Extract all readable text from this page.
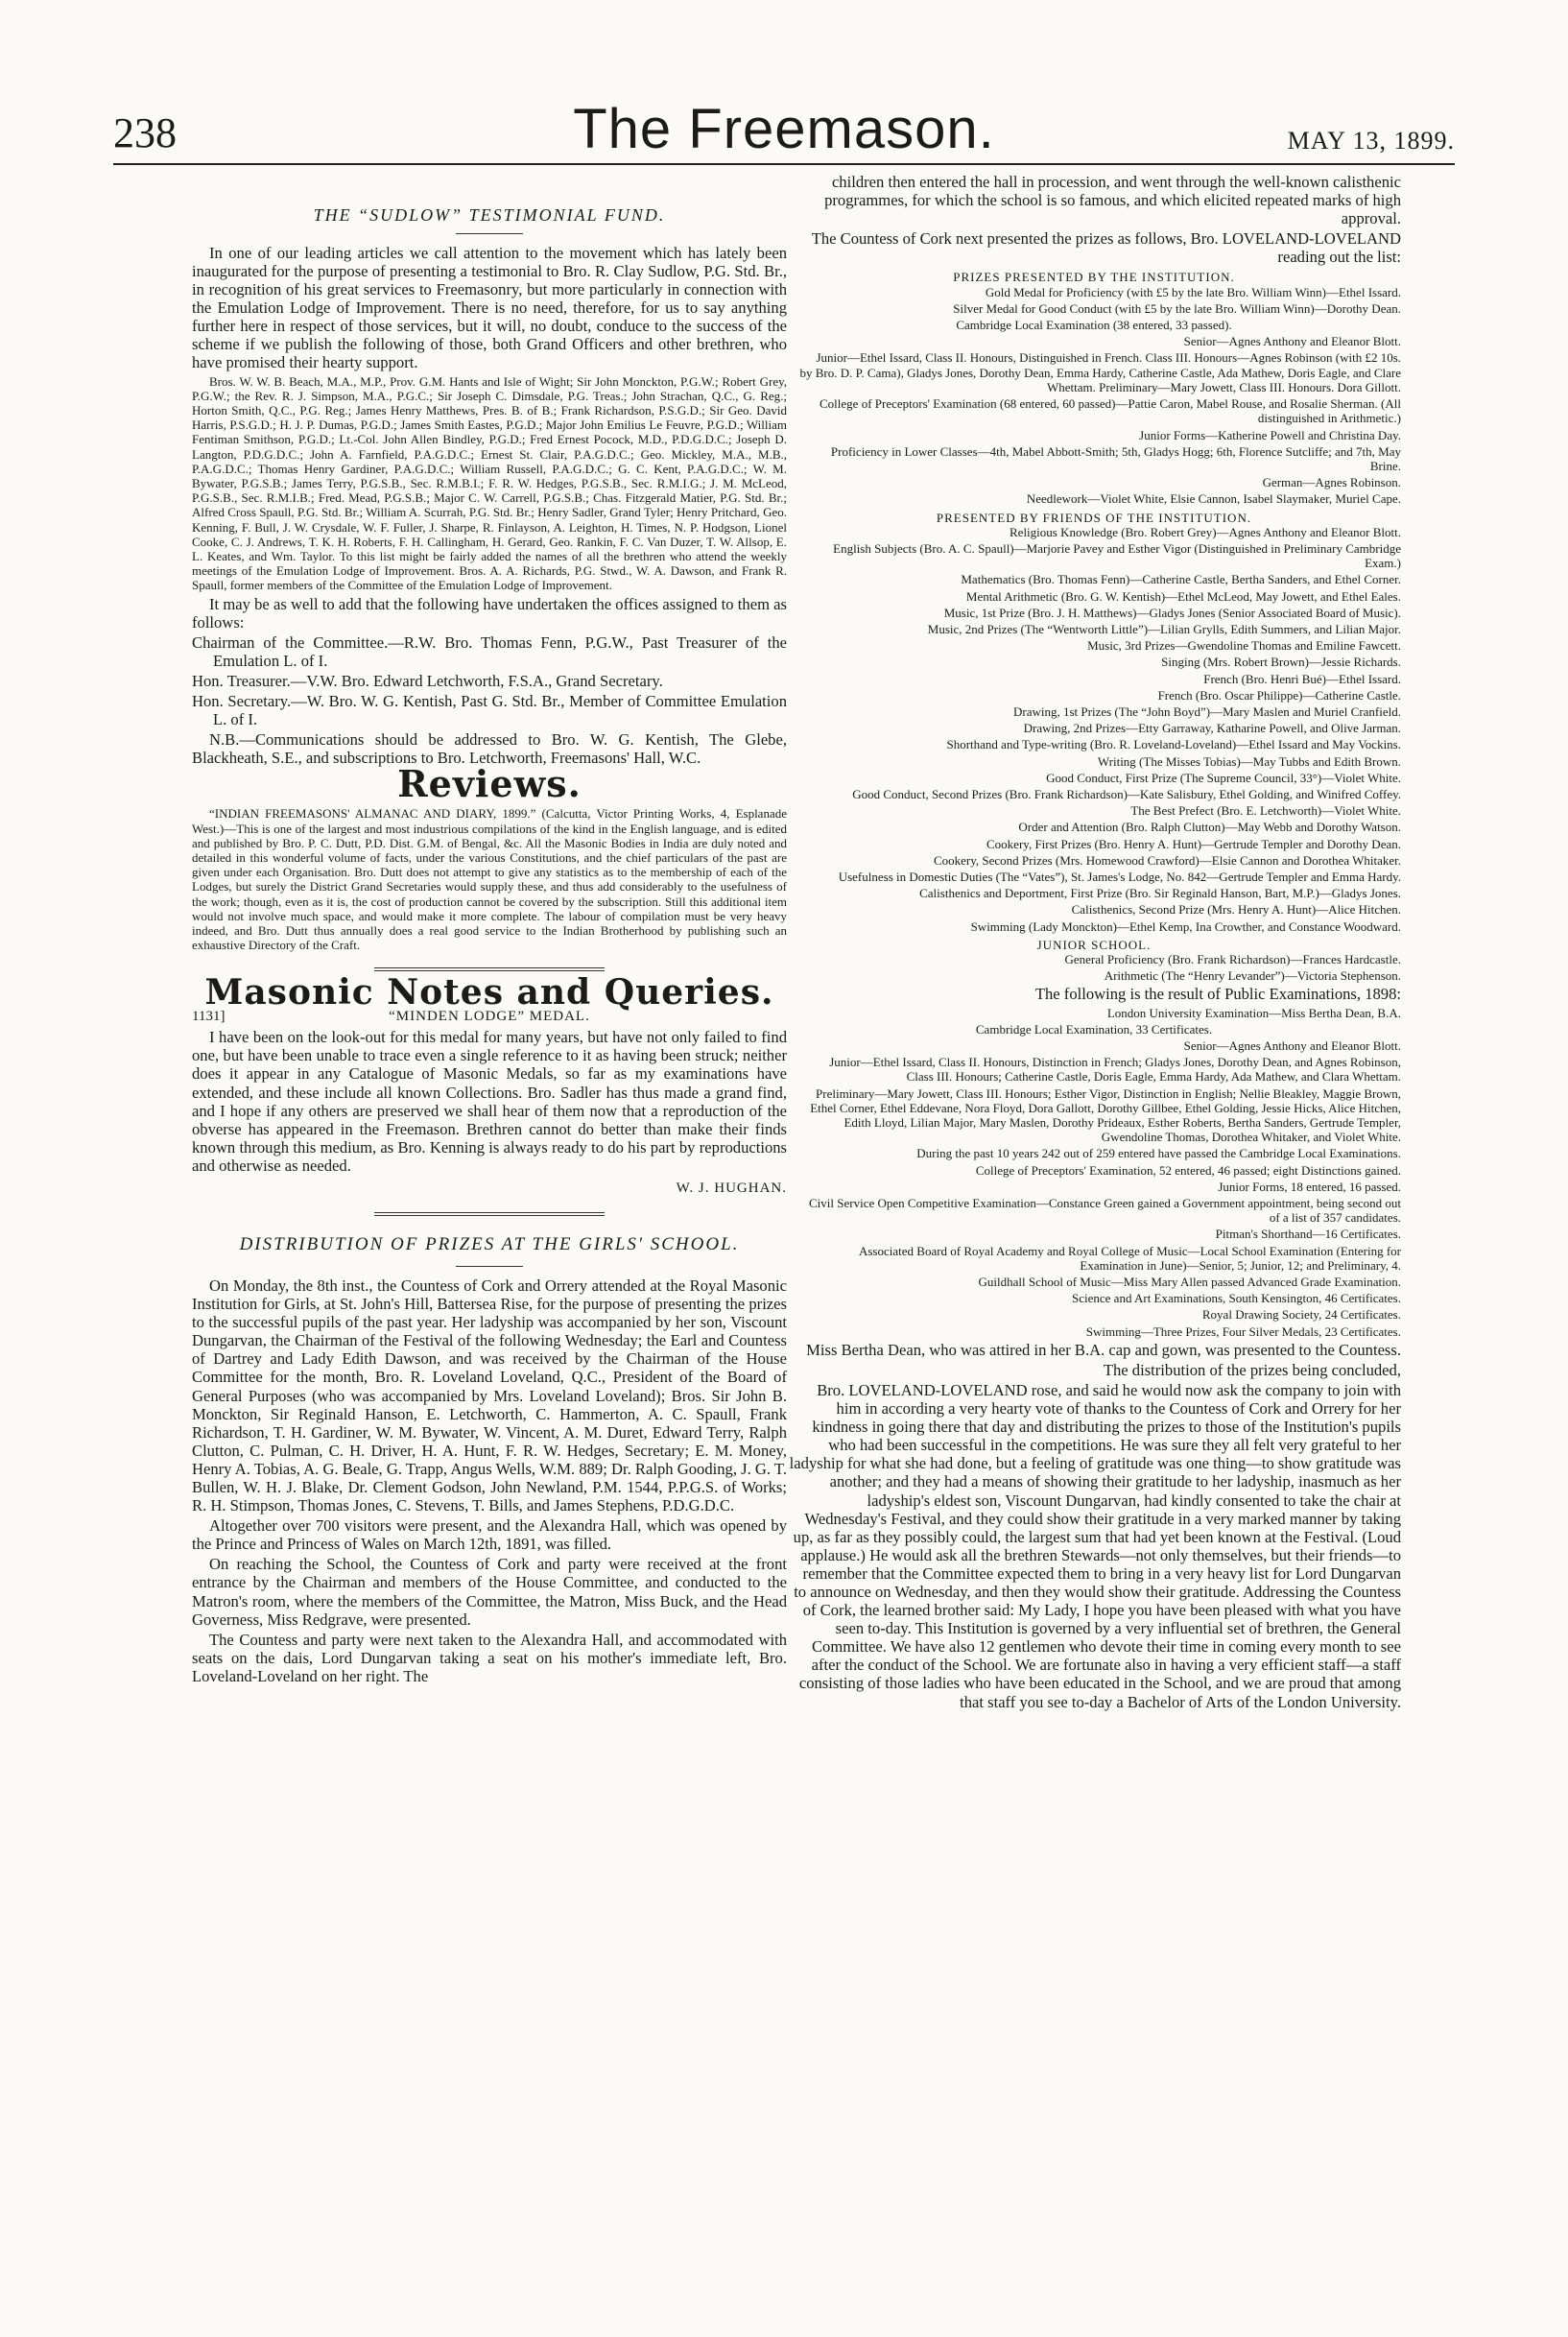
238	The Freemason.	MAY 13, 1899.
THE “SUDLOW” TESTIMONIAL FUND.

In one of our leading articles we call attention to the movement which has lately been inaugurated for the purpose of presenting a testimonial to Bro. R. Clay Sudlow, P.G. Std. Br., in recognition of his great services to Freemasonry, but more particularly in connection with the Emulation Lodge of Improvement. There is no need, therefore, for us to say anything further here in respect of those services, but it will, no doubt, conduce to the success of the scheme if we publish the following of those, both Grand Officers and other brethren, who have promised their hearty support.

Bros. W. W. B. Beach, M.A., M.P., Prov. G.M. Hants and Isle of Wight; Sir John Monckton, P.G.W.; Robert Grey, P.G.W.; the Rev. R. J. Simpson, M.A., P.G.C.; Sir Joseph C. Dimsdale, P.G. Treas.; John Strachan, Q.C., G. Reg.; Horton Smith, Q.C., P.G. Reg.; James Henry Matthews, Pres. B. of B.; Frank Richardson, P.S.G.D.; Sir Geo. David Harris, P.S.G.D.; H. J. P. Dumas, P.G.D.; James Smith Eastes, P.G.D.; Major John Emilius Le Feuvre, P.G.D.; William Fentiman Smithson, P.G.D.; Lt.-Col. John Allen Bindley, P.G.D.; Fred Ernest Pocock, M.D., P.D.G.D.C.; Joseph D. Langton, P.D.G.D.C.; John A. Farnfield, P.A.G.D.C.; Ernest St. Clair, P.A.G.D.C.; Geo. Mickley, M.A., M.B., P.A.G.D.C.; Thomas Henry Gardiner, P.A.G.D.C.; William Russell, P.A.G.D.C.; G. C. Kent, P.A.G.D.C.; W. M. Bywater, P.G.S.B.; James Terry, P.G.S.B., Sec. R.M.B.I.; F. R. W. Hedges, P.G.S.B., Sec. R.M.I.G.; J. M. McLeod, P.G.S.B., Sec. R.M.I.B.; Fred. Mead, P.G.S.B.; Major C. W. Carrell, P.G.S.B.; Chas. Fitzgerald Matier, P.G. Std. Br.; Alfred Cross Spaull, P.G. Std. Br.; William A. Scurrah, P.G. Std. Br.; Henry Sadler, Grand Tyler; Henry Pritchard, Geo. Kenning, F. Bull, J. W. Crysdale, W. F. Fuller, J. Sharpe, R. Finlayson, A. Leighton, H. Times, N. P. Hodgson, Lionel Cooke, C. J. Andrews, T. K. H. Roberts, F. H. Callingham, H. Gerard, Geo. Rankin, F. C. Van Duzer, T. W. Allsop, E. L. Keates, and Wm. Taylor. To this list might be fairly added the names of all the brethren who attend the weekly meetings of the Emulation Lodge of Improvement. Bros. A. A. Richards, P.G. Stwd., W. A. Dawson, and Frank R. Spaull, former members of the Committee of the Emulation Lodge of Improvement.

It may be as well to add that the following have undertaken the offices assigned to them as follows:

Chairman of the Committee.—R.W. Bro. Thomas Fenn, P.G.W., Past Treasurer of the Emulation L. of I.

Hon. Treasurer.—V.W. Bro. Edward Letchworth, F.S.A., Grand Secretary.

Hon. Secretary.—W. Bro. W. G. Kentish, Past G. Std. Br., Member of Committee Emulation L. of I.

N.B.—Communications should be addressed to Bro. W. G. Kentish, The Glebe, Blackheath, S.E., and subscriptions to Bro. Letchworth, Freemasons' Hall, W.C.

Reviews.

“INDIAN FREEMASONS' ALMANAC AND DIARY, 1899.” (Calcutta, Victor Printing Works, 4, Esplanade West.)—This is one of the largest and most industrious compilations of the kind in the English language, and is edited and published by Bro. P. C. Dutt, P.D. Dist. G.M. of Bengal, &c. All the Masonic Bodies in India are duly noted and detailed in this wonderful volume of facts, under the various Constitutions, and the chief particulars of the past are given under each Organisation. Bro. Dutt does not attempt to give any statistics as to the membership of each of the Lodges, but surely the District Grand Secretaries would supply these, and thus add considerably to the usefulness of the work; though, even as it is, the cost of production cannot be covered by the subscription. Still this additional item would not involve much space, and would make it more complete. The labour of compilation must be very heavy indeed, and Bro. Dutt thus annually does a real good service to the Indian Brotherhood by publishing such an exhaustive Directory of the Craft.

Masonic Notes and Queries.
1131]	“MINDEN LODGE” MEDAL.

I have been on the look-out for this medal for many years, but have not only failed to find one, but have been unable to trace even a single reference to it as having been struck; neither does it appear in any Catalogue of Masonic Medals, so far as my examinations have extended, and these include all known Collections. Bro. Sadler has thus made a grand find, and I hope if any others are preserved we shall hear of them now that a reproduction of the obverse has appeared in the Freemason. Brethren cannot do better than make their finds known through this medium, as Bro. Kenning is always ready to do his part by reproductions and otherwise as needed.

W. J. HUGHAN.

DISTRIBUTION OF PRIZES AT THE GIRLS' SCHOOL.

On Monday, the 8th inst., the Countess of Cork and Orrery attended at the Royal Masonic Institution for Girls, at St. John's Hill, Battersea Rise, for the purpose of presenting the prizes to the successful pupils of the past year. Her ladyship was accompanied by her son, Viscount Dungarvan, the Chairman of the Festival of the following Wednesday; the Earl and Countess of Dartrey and Lady Edith Dawson, and was received by the Chairman of the House Committee for the month, Bro. R. Loveland Loveland, Q.C., President of the Board of General Purposes (who was accompanied by Mrs. Loveland Loveland); Bros. Sir John B. Monckton, Sir Reginald Hanson, E. Letchworth, C. Hammerton, A. C. Spaull, Frank Richardson, T. H. Gardiner, W. M. Bywater, W. Vincent, A. M. Duret, Edward Terry, Ralph Clutton, C. Pulman, C. H. Driver, H. A. Hunt, F. R. W. Hedges, Secretary; E. M. Money, Henry A. Tobias, A. G. Beale, G. Trapp, Angus Wells, W.M. 889; Dr. Ralph Gooding, J. G. T. Bullen, W. H. J. Blake, Dr. Clement Godson, John Newland, P.M. 1544, P.P.G.S. of Works; R. H. Stimpson, Thomas Jones, C. Stevens, T. Bills, and James Stephens, P.D.G.D.C.

Altogether over 700 visitors were present, and the Alexandra Hall, which was opened by the Prince and Princess of Wales on March 12th, 1891, was filled.

On reaching the School, the Countess of Cork and party were received at the front entrance by the Chairman and members of the House Committee, and conducted to the Matron's room, where the members of the Committee, the Matron, Miss Buck, and the Head Governess, Miss Redgrave, were presented.

The Countess and party were next taken to the Alexandra Hall, and accommodated with seats on the dais, Lord Dungarvan taking a seat on his mother's immediate left, Bro. Loveland-Loveland on her right. The

children then entered the hall in procession, and went through the well-known calisthenic programmes, for which the school is so famous, and which elicited repeated marks of high approval.

The Countess of Cork next presented the prizes as follows, Bro. LOVELAND-LOVELAND reading out the list:

PRIZES PRESENTED BY THE INSTITUTION.

Gold Medal for Proficiency (with £5 by the late Bro. William Winn)—Ethel Issard.

Silver Medal for Good Conduct (with £5 by the late Bro. William Winn)—Dorothy Dean.

Cambridge Local Examination (38 entered, 33 passed).

Senior—Agnes Anthony and Eleanor Blott.

Junior—Ethel Issard, Class II. Honours, Distinguished in French. Class III. Honours—Agnes Robinson (with £2 10s. by Bro. D. P. Cama), Gladys Jones, Dorothy Dean, Emma Hardy, Catherine Castle, Ada Mathew, Doris Eagle, and Clare Whettam. Preliminary—Mary Jowett, Class III. Honours. Dora Gillott.

College of Preceptors' Examination (68 entered, 60 passed)—Pattie Caron, Mabel Rouse, and Rosalie Sherman. (All distinguished in Arithmetic.)

Junior Forms—Katherine Powell and Christina Day.

Proficiency in Lower Classes—4th, Mabel Abbott-Smith; 5th, Gladys Hogg; 6th, Florence Sutcliffe; and 7th, May Brine.

German—Agnes Robinson.

Needlework—Violet White, Elsie Cannon, Isabel Slaymaker, Muriel Cape.

PRESENTED BY FRIENDS OF THE INSTITUTION.

Religious Knowledge (Bro. Robert Grey)—Agnes Anthony and Eleanor Blott.

English Subjects (Bro. A. C. Spaull)—Marjorie Pavey and Esther Vigor (Distinguished in Preliminary Cambridge Exam.)

Mathematics (Bro. Thomas Fenn)—Catherine Castle, Bertha Sanders, and Ethel Corner.

Mental Arithmetic (Bro. G. W. Kentish)—Ethel McLeod, May Jowett, and Ethel Eales.

Music, 1st Prize (Bro. J. H. Matthews)—Gladys Jones (Senior Associated Board of Music).

Music, 2nd Prizes (The “Wentworth Little”)—Lilian Grylls, Edith Summers, and Lilian Major.

Music, 3rd Prizes—Gwendoline Thomas and Emiline Fawcett.

Singing (Mrs. Robert Brown)—Jessie Richards.

French (Bro. Henri Bué)—Ethel Issard.

French (Bro. Oscar Philippe)—Catherine Castle.

Drawing, 1st Prizes (The “John Boyd”)—Mary Maslen and Muriel Cranfield.

Drawing, 2nd Prizes—Etty Garraway, Katharine Powell, and Olive Jarman.

Shorthand and Type-writing (Bro. R. Loveland-Loveland)—Ethel Issard and May Vockins.

Writing (The Misses Tobias)—May Tubbs and Edith Brown.

Good Conduct, First Prize (The Supreme Council, 33°)—Violet White.

Good Conduct, Second Prizes (Bro. Frank Richardson)—Kate Salisbury, Ethel Golding, and Winifred Coffey.

The Best Prefect (Bro. E. Letchworth)—Violet White.

Order and Attention (Bro. Ralph Clutton)—May Webb and Dorothy Watson.

Cookery, First Prizes (Bro. Henry A. Hunt)—Gertrude Templer and Dorothy Dean.

Cookery, Second Prizes (Mrs. Homewood Crawford)—Elsie Cannon and Dorothea Whitaker.

Usefulness in Domestic Duties (The “Vates”), St. James's Lodge, No. 842—Gertrude Templer and Emma Hardy.

Calisthenics and Deportment, First Prize (Bro. Sir Reginald Hanson, Bart, M.P.)—Gladys Jones.

Calisthenics, Second Prize (Mrs. Henry A. Hunt)—Alice Hitchen.

Swimming (Lady Monckton)—Ethel Kemp, Ina Crowther, and Constance Woodward.

JUNIOR SCHOOL.

General Proficiency (Bro. Frank Richardson)—Frances Hardcastle.

Arithmetic (The “Henry Levander”)—Victoria Stephenson.

The following is the result of Public Examinations, 1898:

London University Examination—Miss Bertha Dean, B.A.

Cambridge Local Examination, 33 Certificates.

Senior—Agnes Anthony and Eleanor Blott.

Junior—Ethel Issard, Class II. Honours, Distinction in French; Gladys Jones, Dorothy Dean, and Agnes Robinson, Class III. Honours; Catherine Castle, Doris Eagle, Emma Hardy, Ada Mathew, and Clara Whettam.

Preliminary—Mary Jowett, Class III. Honours; Esther Vigor, Distinction in English; Nellie Bleakley, Maggie Brown, Ethel Corner, Ethel Eddevane, Nora Floyd, Dora Gallott, Dorothy Gillbee, Ethel Golding, Jessie Hicks, Alice Hitchen, Edith Lloyd, Lilian Major, Mary Maslen, Dorothy Prideaux, Esther Roberts, Bertha Sanders, Gertrude Templer, Gwendoline Thomas, Dorothea Whitaker, and Violet White.

During the past 10 years 242 out of 259 entered have passed the Cambridge Local Examinations.

College of Preceptors' Examination, 52 entered, 46 passed; eight Distinctions gained.

Junior Forms, 18 entered, 16 passed.

Civil Service Open Competitive Examination—Constance Green gained a Government appointment, being second out of a list of 357 candidates.

Pitman's Shorthand—16 Certificates.

Associated Board of Royal Academy and Royal College of Music—Local School Examination (Entering for Examination in June)—Senior, 5; Junior, 12; and Preliminary, 4.

Guildhall School of Music—Miss Mary Allen passed Advanced Grade Examination.

Science and Art Examinations, South Kensington, 46 Certificates.

Royal Drawing Society, 24 Certificates.

Swimming—Three Prizes, Four Silver Medals, 23 Certificates.

Miss Bertha Dean, who was attired in her B.A. cap and gown, was presented to the Countess.

The distribution of the prizes being concluded,

Bro. LOVELAND-LOVELAND rose, and said he would now ask the company to join with him in according a very hearty vote of thanks to the Countess of Cork and Orrery for her kindness in going there that day and distributing the prizes to those of the Institution's pupils who had been successful in the competitions. He was sure they all felt very grateful to her ladyship for what she had done, but a feeling of gratitude was one thing—to show gratitude was another; and they had a means of showing their gratitude to her ladyship, inasmuch as her ladyship's eldest son, Viscount Dungarvan, had kindly consented to take the chair at Wednesday's Festival, and they could show their gratitude in a very marked manner by taking up, as far as they possibly could, the largest sum that had yet been known at the Festival. (Loud applause.) He would ask all the brethren Stewards—not only themselves, but their friends—to remember that the Committee expected them to bring in a very heavy list for Lord Dungarvan to announce on Wednesday, and then they would show their gratitude. Addressing the Countess of Cork, the learned brother said: My Lady, I hope you have been pleased with what you have seen to-day. This Institution is governed by a very influential set of brethren, the General Committee. We have also 12 gentlemen who devote their time in coming every month to see after the conduct of the School. We are fortunate also in having a very efficient staff—a staff consisting of those ladies who have been educated in the School, and we are proud that among that staff you see to-day a Bachelor of Arts of the London University.
